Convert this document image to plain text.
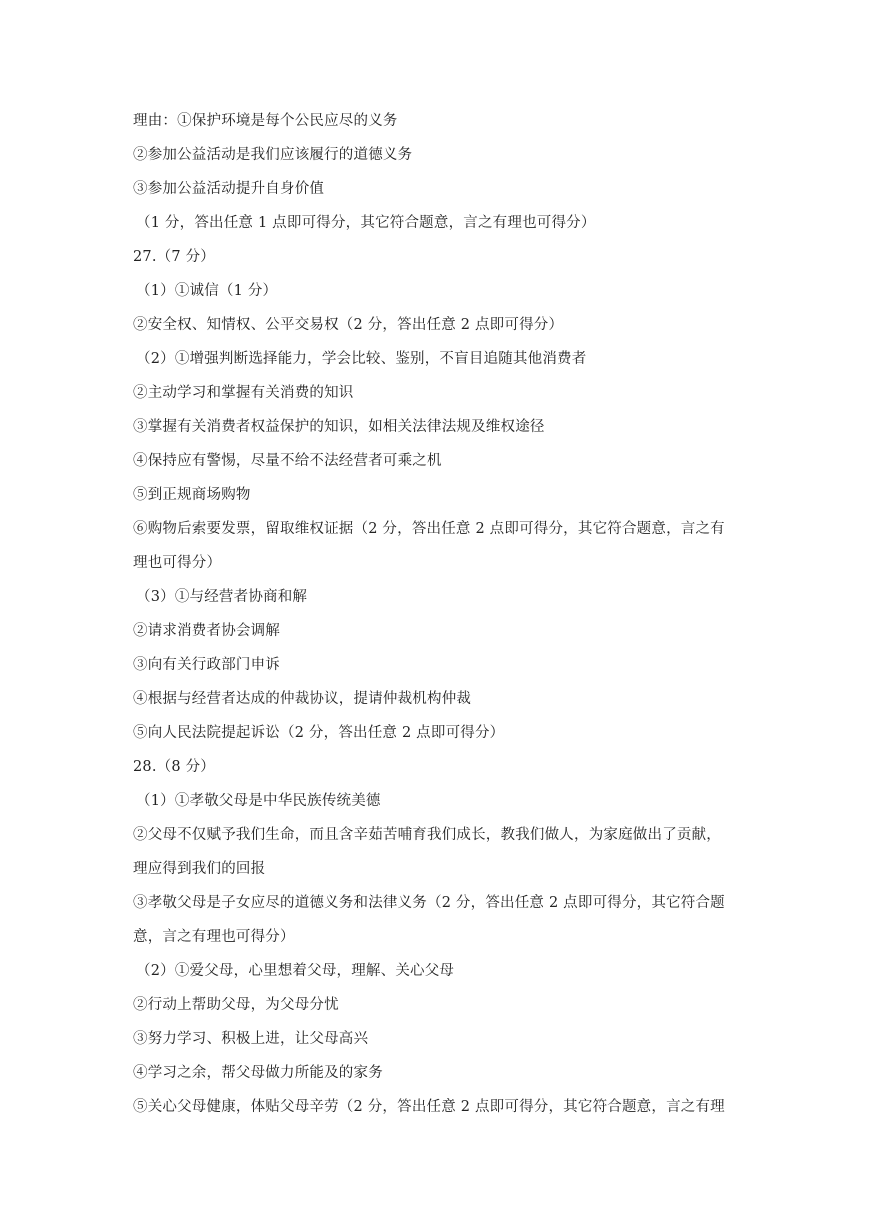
理由：①保护环境是每个公民应尽的义务
②参加公益活动是我们应该履行的道德义务
③参加公益活动提升自身价值
（1 分，答出任意 1 点即可得分，其它符合题意，言之有理也可得分）
27.（7 分）
（1）①诚信（1 分）
②安全权、知情权、公平交易权（2 分，答出任意 2 点即可得分）
（2）①增强判断选择能力，学会比较、鉴别，不盲目追随其他消费者
②主动学习和掌握有关消费的知识
③掌握有关消费者权益保护的知识，如相关法律法规及维权途径
④保持应有警惕，尽量不给不法经营者可乘之机
⑤到正规商场购物
⑥购物后索要发票，留取维权证据（2 分，答出任意 2 点即可得分，其它符合题意，言之有
理也可得分）
（3）①与经营者协商和解
②请求消费者协会调解
③向有关行政部门申诉
④根据与经营者达成的仲裁协议，提请仲裁机构仲裁
⑤向人民法院提起诉讼（2 分，答出任意 2 点即可得分）
28.（8 分）
（1）①孝敬父母是中华民族传统美德
②父母不仅赋予我们生命，而且含辛茹苦哺育我们成长，教我们做人，为家庭做出了贡献，
理应得到我们的回报
③孝敬父母是子女应尽的道德义务和法律义务（2 分，答出任意 2 点即可得分，其它符合题
意，言之有理也可得分）
（2）①爱父母，心里想着父母，理解、关心父母
②行动上帮助父母，为父母分忧
③努力学习、积极上进，让父母高兴
④学习之余，帮父母做力所能及的家务
⑤关心父母健康，体贴父母辛劳（2 分，答出任意 2 点即可得分，其它符合题意，言之有理
